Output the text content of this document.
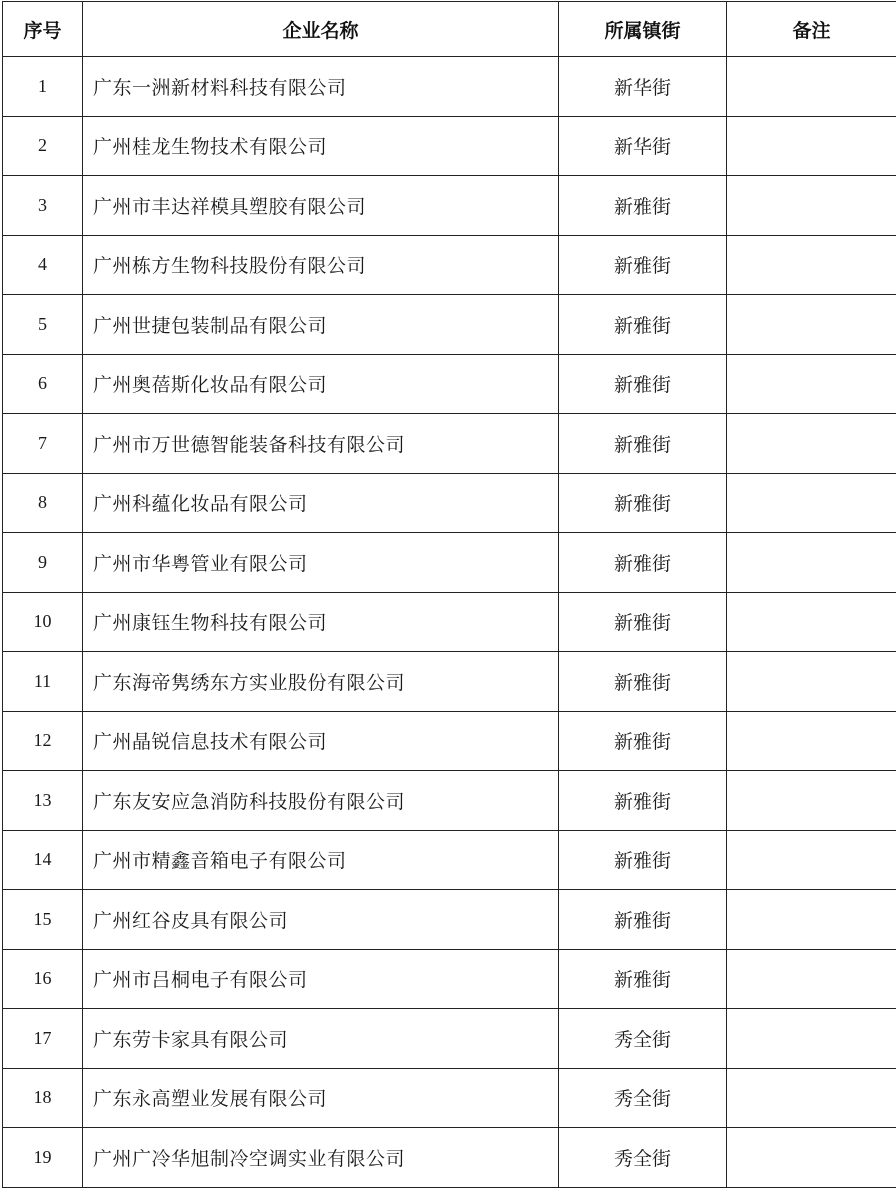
序号	企业名称	所属镇街	备注
1	广东一洲新材料科技有限公司	新华街	
2	广州桂龙生物技术有限公司	新华街	
3	广州市丰达祥模具塑胶有限公司	新雅街	
4	广州栋方生物科技股份有限公司	新雅街	
5	广州世捷包装制品有限公司	新雅街	
6	广州奥蓓斯化妆品有限公司	新雅街	
7	广州市万世德智能装备科技有限公司	新雅街	
8	广州科蕴化妆品有限公司	新雅街	
9	广州市华粤管业有限公司	新雅街	
10	广州康钰生物科技有限公司	新雅街	
11	广东海帝隽绣东方实业股份有限公司	新雅街	
12	广州晶锐信息技术有限公司	新雅街	
13	广东友安应急消防科技股份有限公司	新雅街	
14	广州市精鑫音箱电子有限公司	新雅街	
15	广州红谷皮具有限公司	新雅街	
16	广州市吕桐电子有限公司	新雅街	
17	广东劳卡家具有限公司	秀全街	
18	广东永高塑业发展有限公司	秀全街	
19	广州广冷华旭制冷空调实业有限公司	秀全街	
